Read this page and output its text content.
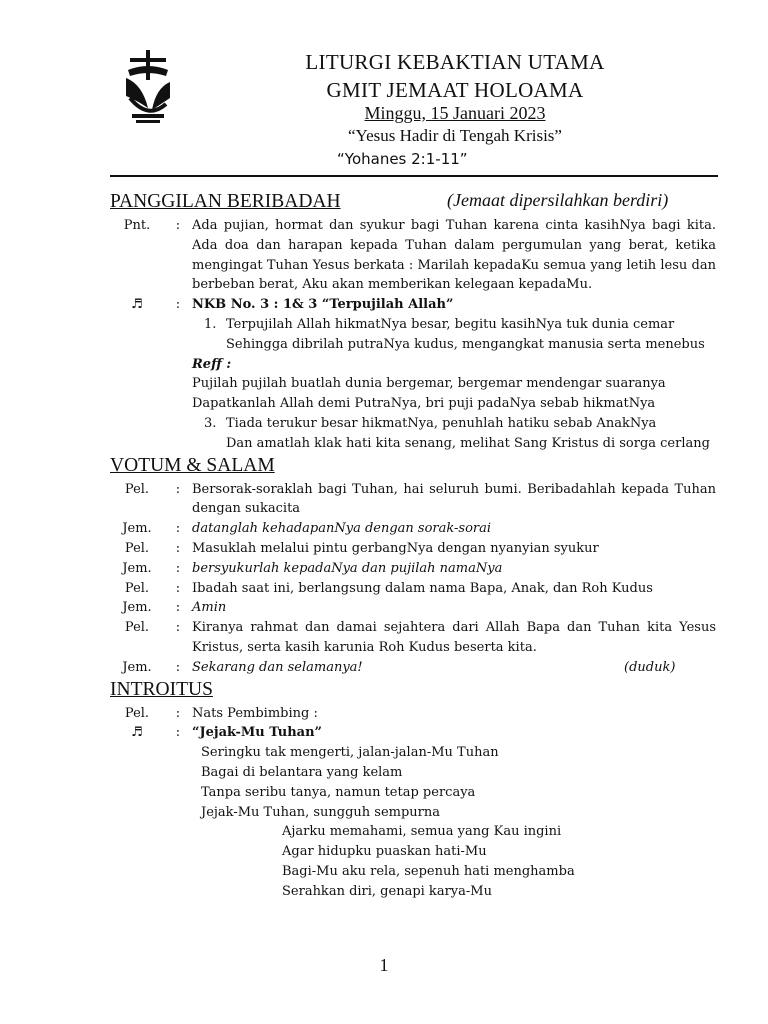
LITURGI KEBAKTIAN UTAMA
GMIT JEMAAT HOLOAMA
Minggu, 15 Januari 2023
“Yesus Hadir di Tengah Krisis”
“Yohanes 2:1-11”
PANGGILAN BERIBADAH	(Jemaat dipersilahkan berdiri)
Pnt.	: Ada pujian, hormat dan syukur bagi Tuhan karena cinta kasihNya bagi kita. Ada doa dan harapan kepada Tuhan dalam pergumulan yang berat, ketika mengingat Tuhan Yesus berkata : Marilah kepadaKu semua yang letih lesu dan berbeban berat, Aku akan memberikan kelegaan kepadaMu.
♬	: NKB No. 3 : 1& 3 “Terpujilah Allah”
1. Terpujilah Allah hikmatNya besar, begitu kasihNya tuk dunia cemar
Sehingga dibrilah putraNya kudus, mengangkat manusia serta menebus
Reff :
Pujilah pujilah buatlah dunia bergemar, bergemar mendengar suaranya
Dapatkanlah Allah demi PutraNya, bri puji padaNya sebab hikmatNya
3. Tiada terukur besar hikmatNya, penuhlah hatiku sebab AnakNya
Dan amatlah klak hati kita senang, melihat Sang Kristus di sorga cerlang
VOTUM & SALAM
Pel.	: Bersorak-soraklah bagi Tuhan, hai seluruh bumi. Beribadahlah kepada Tuhan dengan sukacita
Jem.	: datanglah kehadapanNya dengan sorak-sorai
Pel.	: Masuklah melalui pintu gerbangNya dengan nyanyian syukur
Jem.	: bersyukurlah kepadaNya dan pujilah namaNya
Pel.	: Ibadah saat ini, berlangsung dalam nama Bapa, Anak, dan Roh Kudus
Jem.	: Amin
Pel.	: Kiranya rahmat dan damai sejahtera dari Allah Bapa dan Tuhan kita Yesus Kristus, serta kasih karunia Roh Kudus beserta kita.
Jem.	: Sekarang dan selamanya!	(duduk)
INTROITUS
Pel.	: Nats Pembimbing :
♬	: “Jejak-Mu Tuhan”
Seringku tak mengerti, jalan-jalan-Mu Tuhan
Bagai di belantara yang kelam
Tanpa seribu tanya, namun tetap percaya
Jejak-Mu Tuhan, sungguh sempurna
Ajarku memahami, semua yang Kau ingini
Agar hidupku puaskan hati-Mu
Bagi-Mu aku rela, sepenuh hati menghamba
Serahkan diri, genapi karya-Mu
1
